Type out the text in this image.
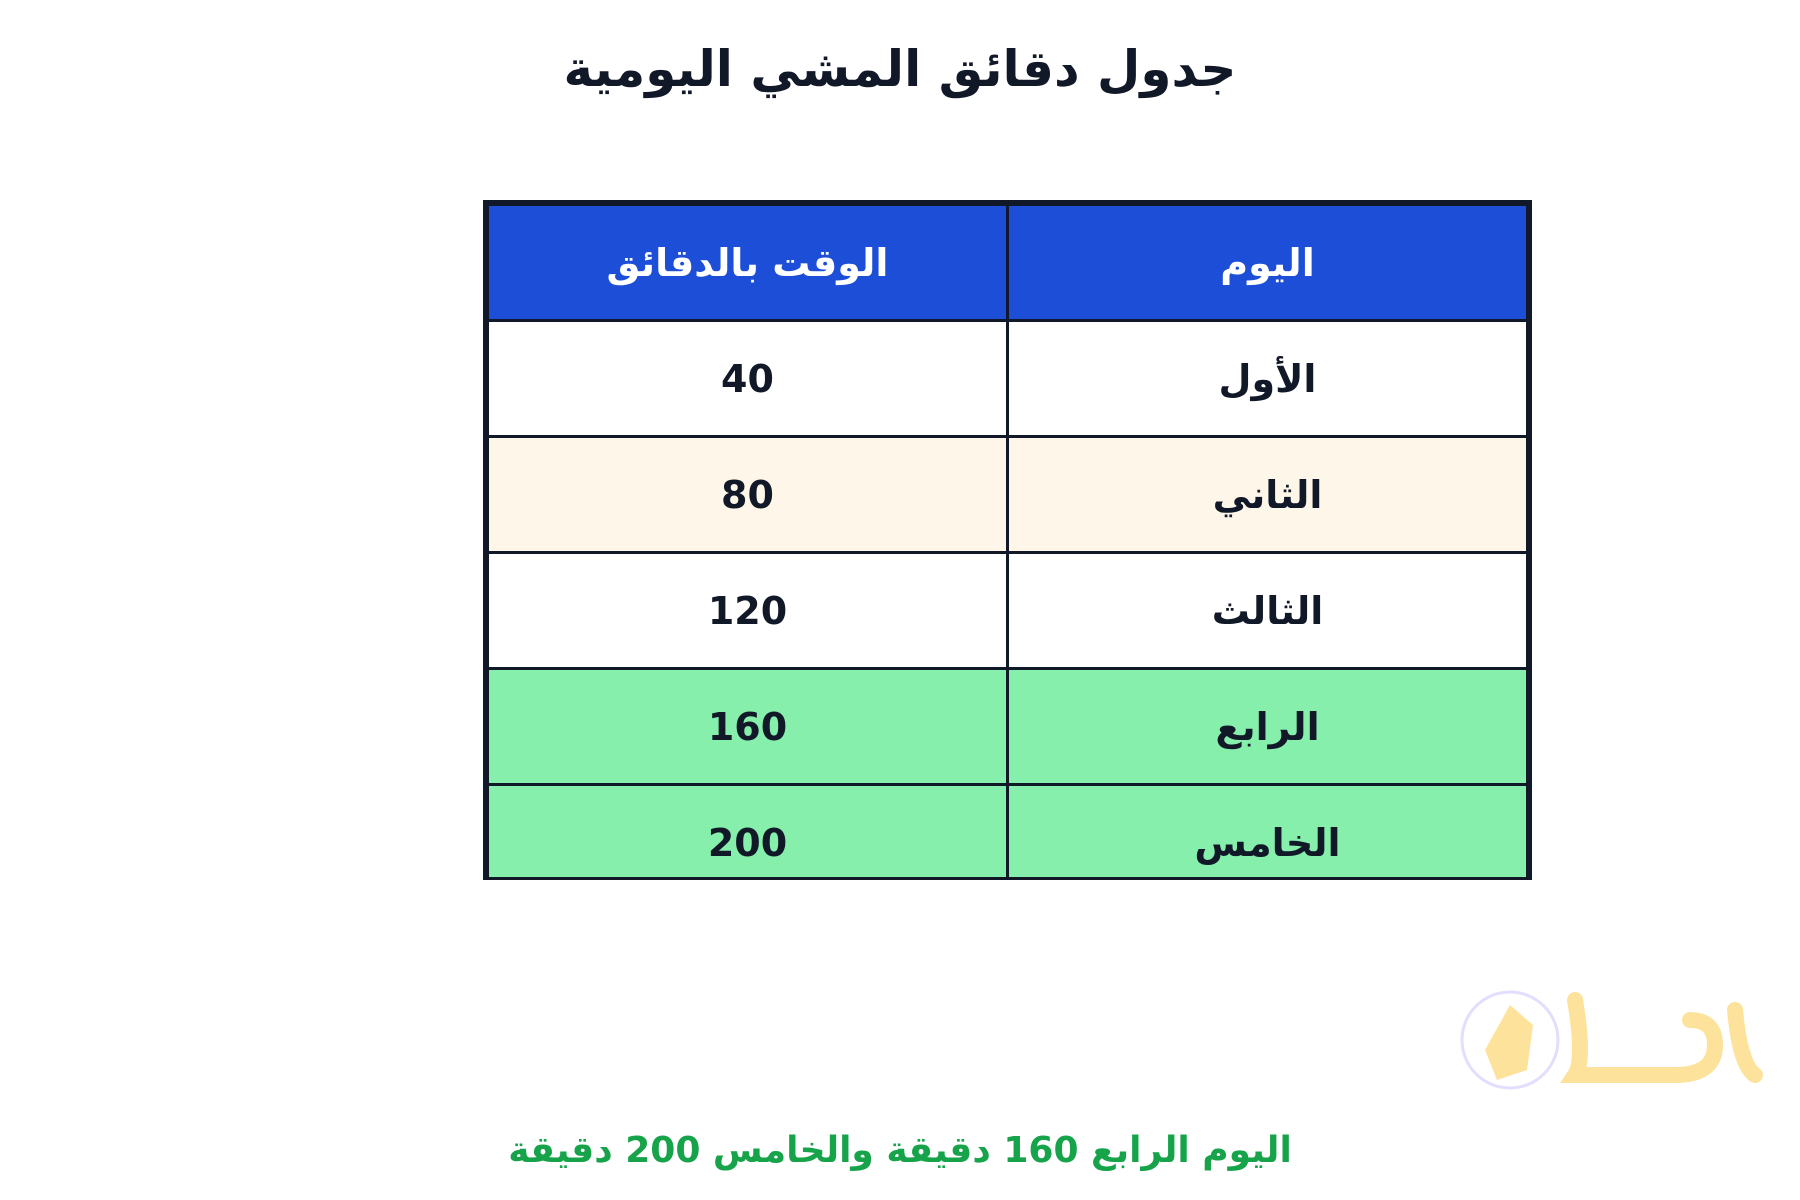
جدول دقائق المشي اليومية
الوقت بالدقائق	اليوم
40	الأول
80	الثاني
120	الثالث
160	الرابع
200	الخامس
اليوم الرابع 160 دقيقة والخامس 200 دقيقة
